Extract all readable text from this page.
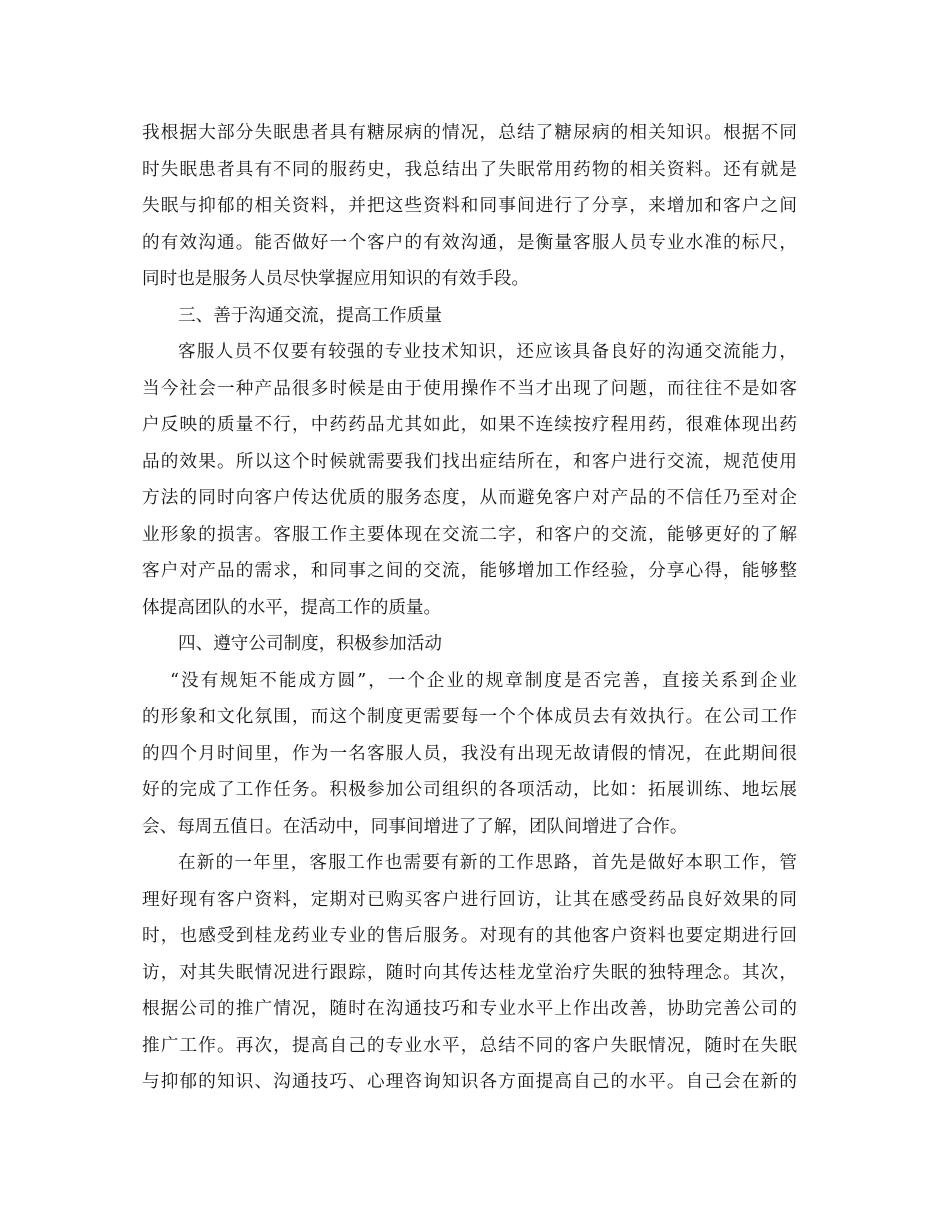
我根据大部分失眠患者具有糖尿病的情况，总结了糖尿病的相关知识。根据不同
时失眠患者具有不同的服药史，我总结出了失眠常用药物的相关资料。还有就是
失眠与抑郁的相关资料，并把这些资料和同事间进行了分享，来增加和客户之间
的有效沟通。能否做好一个客户的有效沟通，是衡量客服人员专业水准的标尺，
同时也是服务人员尽快掌握应用知识的有效手段。
三、善于沟通交流，提高工作质量
客服人员不仅要有较强的专业技术知识，还应该具备良好的沟通交流能力，
当今社会一种产品很多时候是由于使用操作不当才出现了问题，而往往不是如客
户反映的质量不行，中药药品尤其如此，如果不连续按疗程用药，很难体现出药
品的效果。所以这个时候就需要我们找出症结所在，和客户进行交流，规范使用
方法的同时向客户传达优质的服务态度，从而避免客户对产品的不信任乃至对企
业形象的损害。客服工作主要体现在交流二字，和客户的交流，能够更好的了解
客户对产品的需求，和同事之间的交流，能够增加工作经验，分享心得，能够整
体提高团队的水平，提高工作的质量。
四、遵守公司制度，积极参加活动
“没有规矩不能成方圆”，一个企业的规章制度是否完善，直接关系到企业
的形象和文化氛围，而这个制度更需要每一个个体成员去有效执行。在公司工作
的四个月时间里，作为一名客服人员，我没有出现无故请假的情况，在此期间很
好的完成了工作任务。积极参加公司组织的各项活动，比如：拓展训练、地坛展
会、每周五值日。在活动中，同事间增进了了解，团队间增进了合作。
在新的一年里，客服工作也需要有新的工作思路，首先是做好本职工作，管
理好现有客户资料，定期对已购买客户进行回访，让其在感受药品良好效果的同
时，也感受到桂龙药业专业的售后服务。对现有的其他客户资料也要定期进行回
访，对其失眠情况进行跟踪，随时向其传达桂龙堂治疗失眠的独特理念。其次，
根据公司的推广情况，随时在沟通技巧和专业水平上作出改善，协助完善公司的
推广工作。再次，提高自己的专业水平，总结不同的客户失眠情况，随时在失眠
与抑郁的知识、沟通技巧、心理咨询知识各方面提高自己的水平。自己会在新的
